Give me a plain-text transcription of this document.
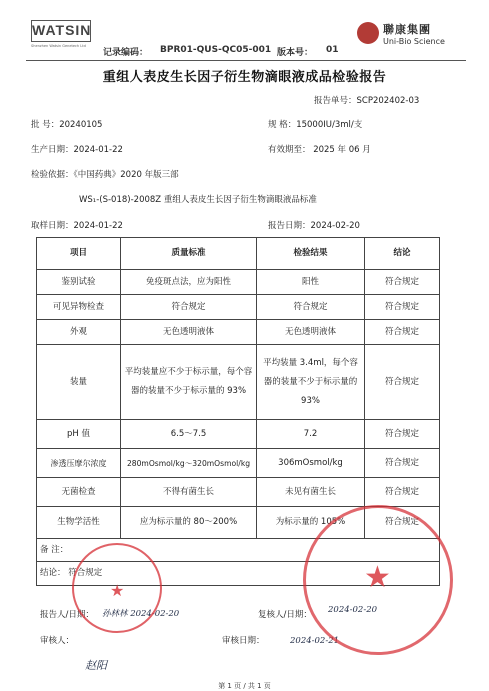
WATSIN
Shenzhen Watsin Genetech Ltd
记录编码： BPR01-QUS-QC05-001 版本号： 01
聯康集團
Uni-Bio Science
重组人表皮生长因子衍生物滴眼液成品检验报告
报告单号：SCP202402-03
批 号：20240105	规 格：15000IU/3ml/支
生产日期：2024-01-22	有效期至： 2025 年 06 月
检验依据：《中国药典》2020 年版三部
WS₁-(S-018)-2008Z 重组人表皮生长因子衍生物滴眼液品标准
取样日期：2024-01-22	报告日期：2024-02-20
项目	质量标准	检验结果	结论
鉴别试验	免疫斑点法，应为阳性	阳性	符合规定
可见异物检查	符合规定	符合规定	符合规定
外观	无色透明液体	无色透明液体	符合规定
装量	平均装量应不少于标示量，每个容器的装量不少于标示量的 93%	平均装量 3.4ml，每个容器的装量不少于标示量的 93%	符合规定
pH 值	6.5～7.5	7.2	符合规定
渗透压摩尔浓度	280mOsmol/kg～320mOsmol/kg	306mOsmol/kg	符合规定
无菌检查	不得有菌生长	未见有菌生长	符合规定
生物学活性	应为标示量的 80～200%	为标示量的 105%	符合规定
备 注：			
结论： 符合规定			
报告人/日期： 孙林林 2024-02-20	复核人/日期： 2024-02-20
审核人：
赵阳
审核日期：	2024-02-21
★	★
第 1 页 / 共 1 页
